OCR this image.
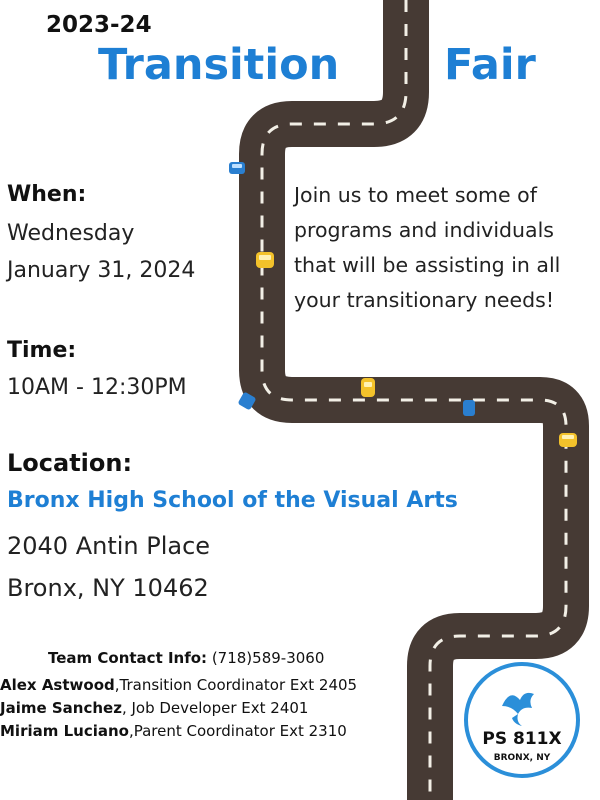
2023-24
Transition Fair
When:
Wednesday
January 31, 2024
Time:
10AM - 12:30PM
Join us to meet some of
programs and individuals
that will be assisting in all
your transitionary needs!
Location:
Bronx High School of the Visual Arts
2040 Antin Place
Bronx, NY 10462
Team Contact Info: (718)589-3060
Alex Astwood,Transition Coordinator Ext 2405
Jaime Sanchez, Job Developer Ext 2401
Miriam Luciano,Parent Coordinator Ext 2310	PS 811X
BRONX, NY
